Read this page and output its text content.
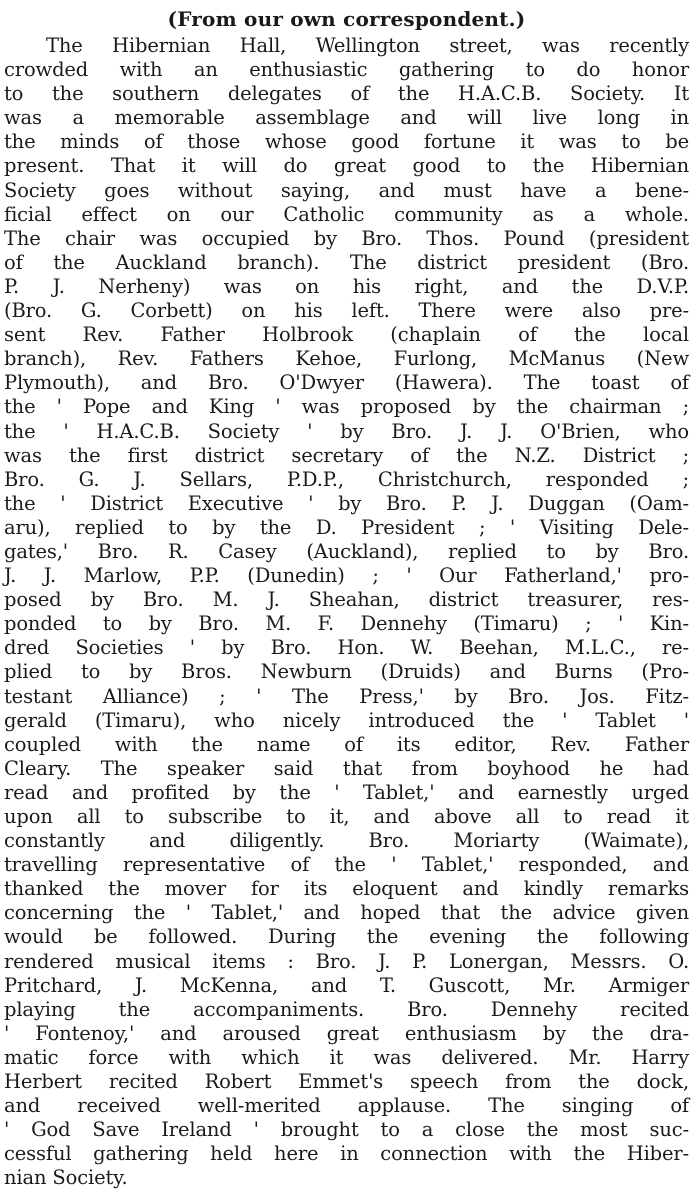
(From our own correspondent.)
The Hibernian Hall, Wellington street, was recently
crowded with an enthusiastic gathering to do honor
to the southern delegates of the H.A.C.B. Society. It
was a memorable assemblage and will live long in
the minds of those whose good fortune it was to be
present. That it will do great good to the Hibernian
Society goes without saying, and must have a bene-
ficial effect on our Catholic community as a whole.
The chair was occupied by Bro. Thos. Pound (president
of the Auckland branch). The district president (Bro.
P. J. Nerheny) was on his right, and the D.V.P.
(Bro. G. Corbett) on his left. There were also pre-
sent Rev. Father Holbrook (chaplain of the local
branch), Rev. Fathers Kehoe, Furlong, McManus (New
Plymouth), and Bro. O'Dwyer (Hawera). The toast of
the ' Pope and King ' was proposed by the chairman ;
the ' H.A.C.B. Society ' by Bro. J. J. O'Brien, who
was the first district secretary of the N.Z. District ;
Bro. G. J. Sellars, P.D.P., Christchurch, responded ;
the ' District Executive ' by Bro. P. J. Duggan (Oam-
aru), replied to by the D. President ; ' Visiting Dele-
gates,' Bro. R. Casey (Auckland), replied to by Bro.
J. J. Marlow, P.P. (Dunedin) ; ' Our Fatherland,' pro-
posed by Bro. M. J. Sheahan, district treasurer, res-
ponded to by Bro. M. F. Dennehy (Timaru) ; ' Kin-
dred Societies ' by Bro. Hon. W. Beehan, M.L.C., re-
plied to by Bros. Newburn (Druids) and Burns (Pro-
testant Alliance) ; ' The Press,' by Bro. Jos. Fitz-
gerald (Timaru), who nicely introduced the ' Tablet '
coupled with the name of its editor, Rev. Father
Cleary. The speaker said that from boyhood he had
read and profited by the ' Tablet,' and earnestly urged
upon all to subscribe to it, and above all to read it
constantly and diligently. Bro. Moriarty (Waimate),
travelling representative of the ' Tablet,' responded, and
thanked the mover for its eloquent and kindly remarks
concerning the ' Tablet,' and hoped that the advice given
would be followed. During the evening the following
rendered musical items : Bro. J. P. Lonergan, Messrs. O.
Pritchard, J. McKenna, and T. Guscott, Mr. Armiger
playing the accompaniments. Bro. Dennehy recited
' Fontenoy,' and aroused great enthusiasm by the dra-
matic force with which it was delivered. Mr. Harry
Herbert recited Robert Emmet's speech from the dock,
and received well-merited applause. The singing of
' God Save Ireland ' brought to a close the most suc-
cessful gathering held here in connection with the Hiber-
nian Society.
